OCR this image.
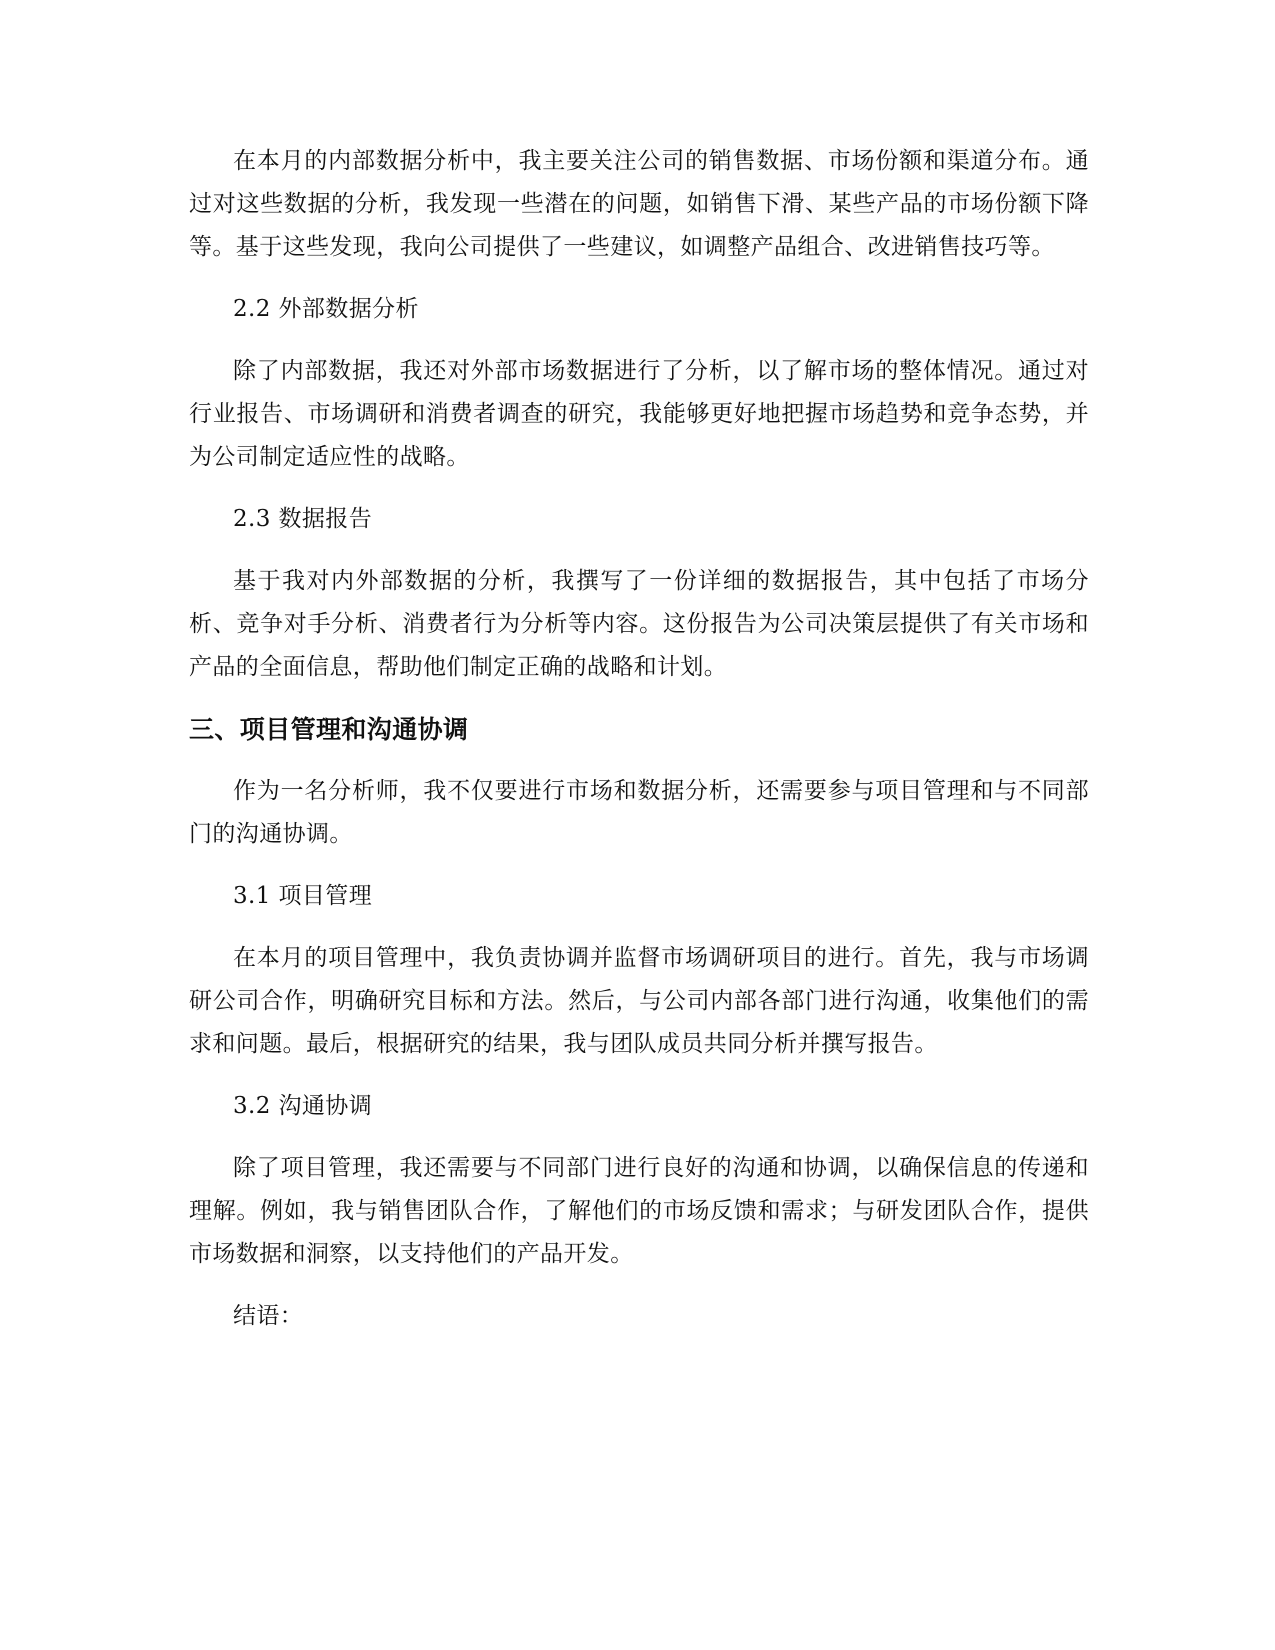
在本月的内部数据分析中，我主要关注公司的销售数据、市场份额和渠道分布。通过对这些数据的分析，我发现一些潜在的问题，如销售下滑、某些产品的市场份额下降等。基于这些发现，我向公司提供了一些建议，如调整产品组合、改进销售技巧等。

2.2 外部数据分析

除了内部数据，我还对外部市场数据进行了分析，以了解市场的整体情况。通过对行业报告、市场调研和消费者调查的研究，我能够更好地把握市场趋势和竞争态势，并为公司制定适应性的战略。

2.3 数据报告

基于我对内外部数据的分析，我撰写了一份详细的数据报告，其中包括了市场分析、竞争对手分析、消费者行为分析等内容。这份报告为公司决策层提供了有关市场和产品的全面信息，帮助他们制定正确的战略和计划。

三、项目管理和沟通协调

作为一名分析师，我不仅要进行市场和数据分析，还需要参与项目管理和与不同部门的沟通协调。

3.1 项目管理

在本月的项目管理中，我负责协调并监督市场调研项目的进行。首先，我与市场调研公司合作，明确研究目标和方法。然后，与公司内部各部门进行沟通，收集他们的需求和问题。最后，根据研究的结果，我与团队成员共同分析并撰写报告。

3.2 沟通协调

除了项目管理，我还需要与不同部门进行良好的沟通和协调，以确保信息的传递和理解。例如，我与销售团队合作，了解他们的市场反馈和需求；与研发团队合作，提供市场数据和洞察，以支持他们的产品开发。

结语：
